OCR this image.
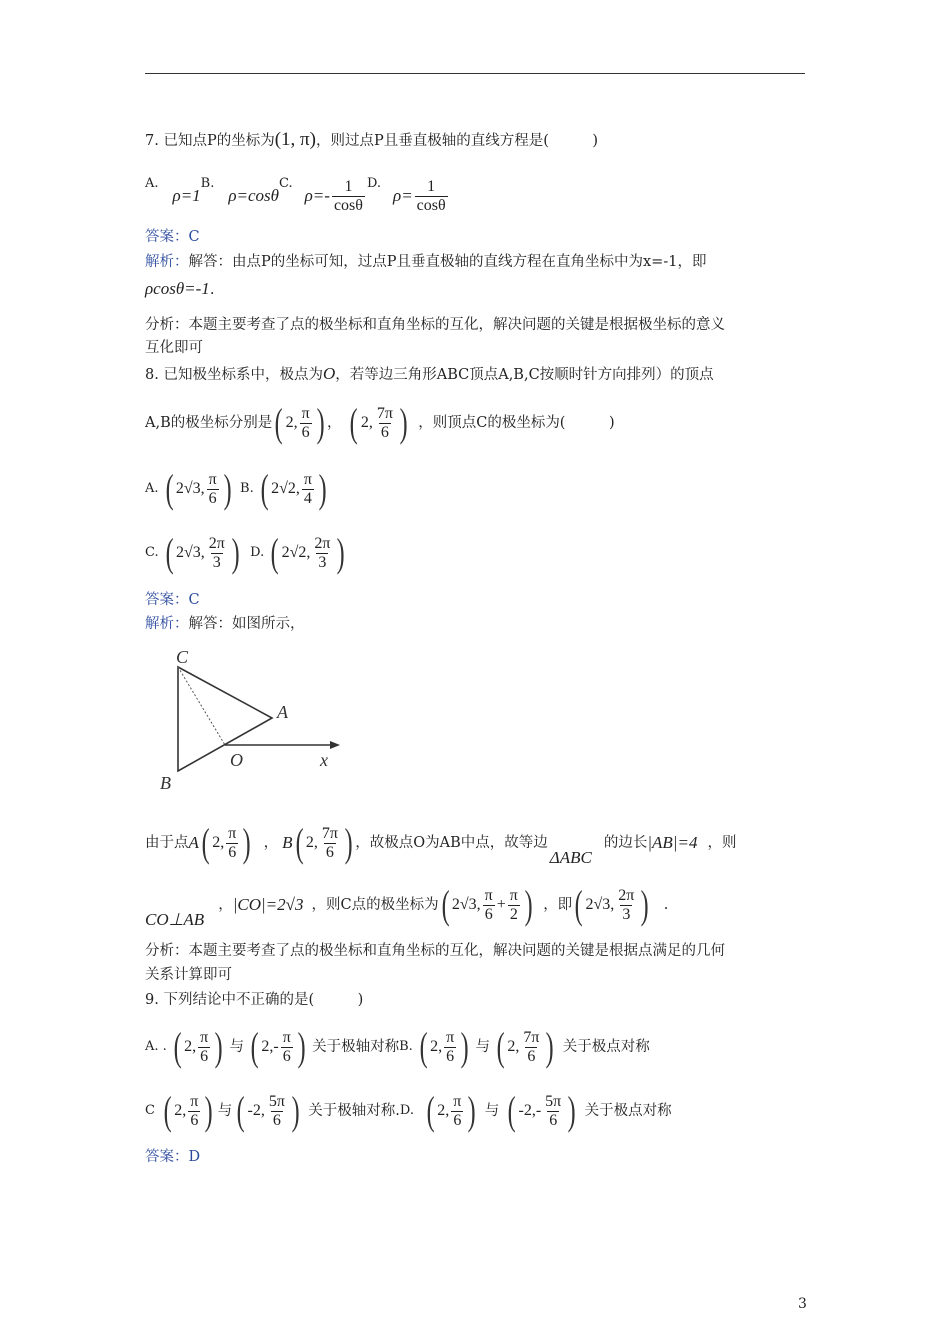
7. 已知点P的坐标为(1, π)，则过点P且垂直极轴的直线方程是(　　　)
A.
ρ=1
B.
ρ=cosθ
C.
$\rho=- \frac{1}{\cos\theta} D$.
$\rho= \frac{1}{\cos\theta}$
答案：C
解析：解答：由点P的坐标可知，过点P且垂直极轴的直线方程在直角坐标中为x=-1，即
ρcosθ=-1.
分析：本题主要考查了点的极坐标和直角坐标的互化，解决问题的关键是根据极坐标的意义
互化即可
8. 已知极坐标系中，极点为O，若等边三角形ABC顶点A,B,C按顺时针方向排列）的顶点
A,B的极坐标分别是 ( 2, $\frac{\pi}{6}$ ) ， ( 2, $\frac{7\pi}{6}$ ) ，则顶点C的极坐标为(　　　)
A. ( 2√3, $\frac{\pi}{6}$ ) B. ( 2√2, $\frac{\pi}{4}$ )
C. ( 2√3, $\frac{2\pi}{3}$ ) D. ( 2√2, $\frac{2\pi}{3}$ )
答案：C
解析：解答：如图所示，
C
A
O
B
x
由于点 A ( 2, $\frac{\pi}{6}$ ) ， B ( 2, $\frac{7\pi}{6}$ ) ，故极点O为AB中点，故等边
ΔABC
的边长 |AB|=4 ，则
CO⊥AB
， |CO|=2√3 ，则C点的极坐标为 ( 2√3, $\frac{\pi}{6} + \frac{\pi}{2}$ ) ，即 ( 2√3, $\frac{2\pi}{3}$ ) .
分析：本题主要考查了点的极坐标和直角坐标的互化，解决问题的关键是根据点满足的几何
关系计算即可
9. 下列结论中不正确的是(　　　)
A. . ( 2, $\frac{\pi}{6}$ ) 与 ( 2, - $\frac{\pi}{6}$ ) 关于极轴对称 B. ( 2, $\frac{\pi}{6}$ ) 与 ( 2, $\frac{7\pi}{6}$ ) 关于极点对称
C ( 2, $\frac{\pi}{6}$ ) 与 ( -2, $\frac{5\pi}{6}$ ) 关于极轴对称. D. ( 2, $\frac{\pi}{6}$ ) 与 ( -2, - $\frac{5\pi}{6}$ ) 关于极点对称
答案：D
3
